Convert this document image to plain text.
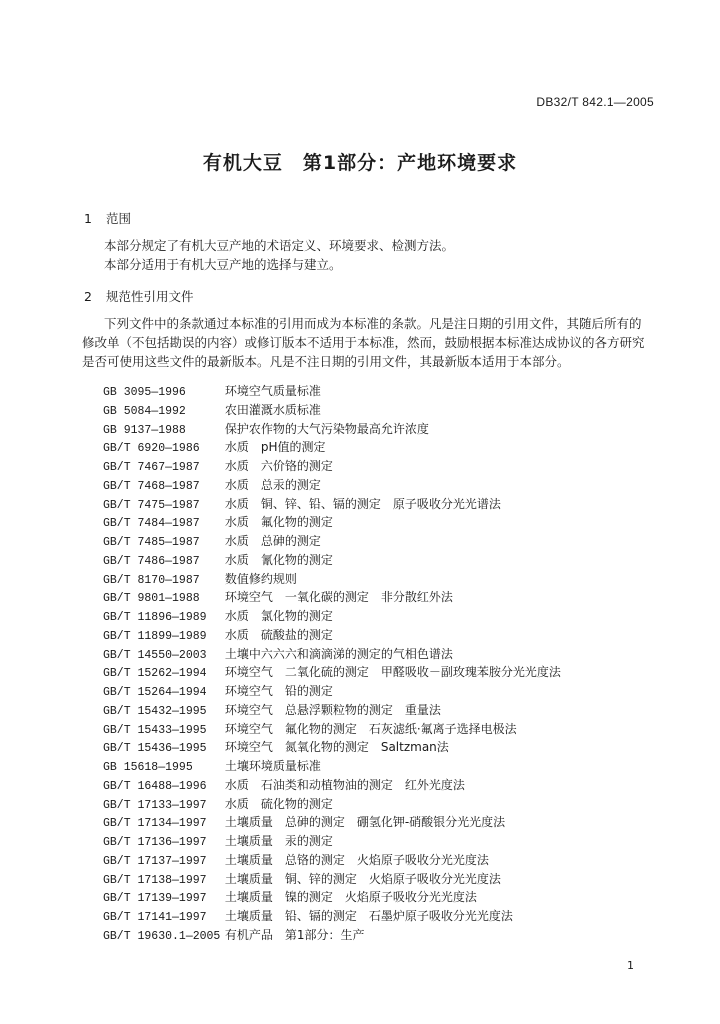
DB32/T 842.1—2005
有机大豆　第1部分：产地环境要求
1 范围
本部分规定了有机大豆产地的术语定义、环境要求、检测方法。
本部分适用于有机大豆产地的选择与建立。
2 规范性引用文件
下列文件中的条款通过本标准的引用而成为本标准的条款。凡是注日期的引用文件，其随后所有的修改单（不包括勘误的内容）或修订版本不适用于本标准，然而，鼓励根据本标准达成协议的各方研究是否可使用这些文件的最新版本。凡是不注日期的引用文件，其最新版本适用于本部分。
GB 3095—1996	环境空气质量标准
GB 5084—1992	农田灌溉水质标准
GB 9137—1988	保护农作物的大气污染物最高允许浓度
GB/T 6920—1986 水质　pH值的测定
GB/T 7467—1987 水质　六价铬的测定
GB/T 7468—1987 水质　总汞的测定
GB/T 7475—1987 水质　铜、锌、铅、镉的测定　原子吸收分光光谱法
GB/T 7484—1987 水质　氟化物的测定
GB/T 7485—1987 水质　总砷的测定
GB/T 7486—1987 水质　氰化物的测定
GB/T 8170—1987 数值修约规则
GB/T 9801—1988 环境空气　一氧化碳的测定　非分散红外法
GB/T 11896—1989 水质　氯化物的测定
GB/T 11899—1989 水质　硫酸盐的测定
GB/T 14550—2003 土壤中六六六和滴滴涕的测定的气相色谱法
GB/T 15262—1994 环境空气　二氧化硫的测定　甲醛吸收－副玫瑰苯胺分光光度法
GB/T 15264—1994 环境空气　铅的测定
GB/T 15432—1995 环境空气　总悬浮颗粒物的测定　重量法
GB/T 15433—1995 环境空气　氟化物的测定　石灰滤纸·氟离子选择电极法
GB/T 15436—1995 环境空气　氮氧化物的测定　Saltzman法
GB 15618—1995	土壤环境质量标准
GB/T 16488—1996 水质　石油类和动植物油的测定　红外光度法
GB/T 17133—1997 水质　硫化物的测定
GB/T 17134—1997 土壤质量　总砷的测定　硼氢化钾-硝酸银分光光度法
GB/T 17136—1997 土壤质量　汞的测定
GB/T 17137—1997 土壤质量　总铬的测定　火焰原子吸收分光光度法
GB/T 17138—1997 土壤质量　铜、锌的测定　火焰原子吸收分光光度法
GB/T 17139—1997 土壤质量　镍的测定　火焰原子吸收分光光度法
GB/T 17141—1997 土壤质量　铅、镉的测定　石墨炉原子吸收分光光度法
GB/T 19630.1—2005 有机产品　第1部分：生产
1
